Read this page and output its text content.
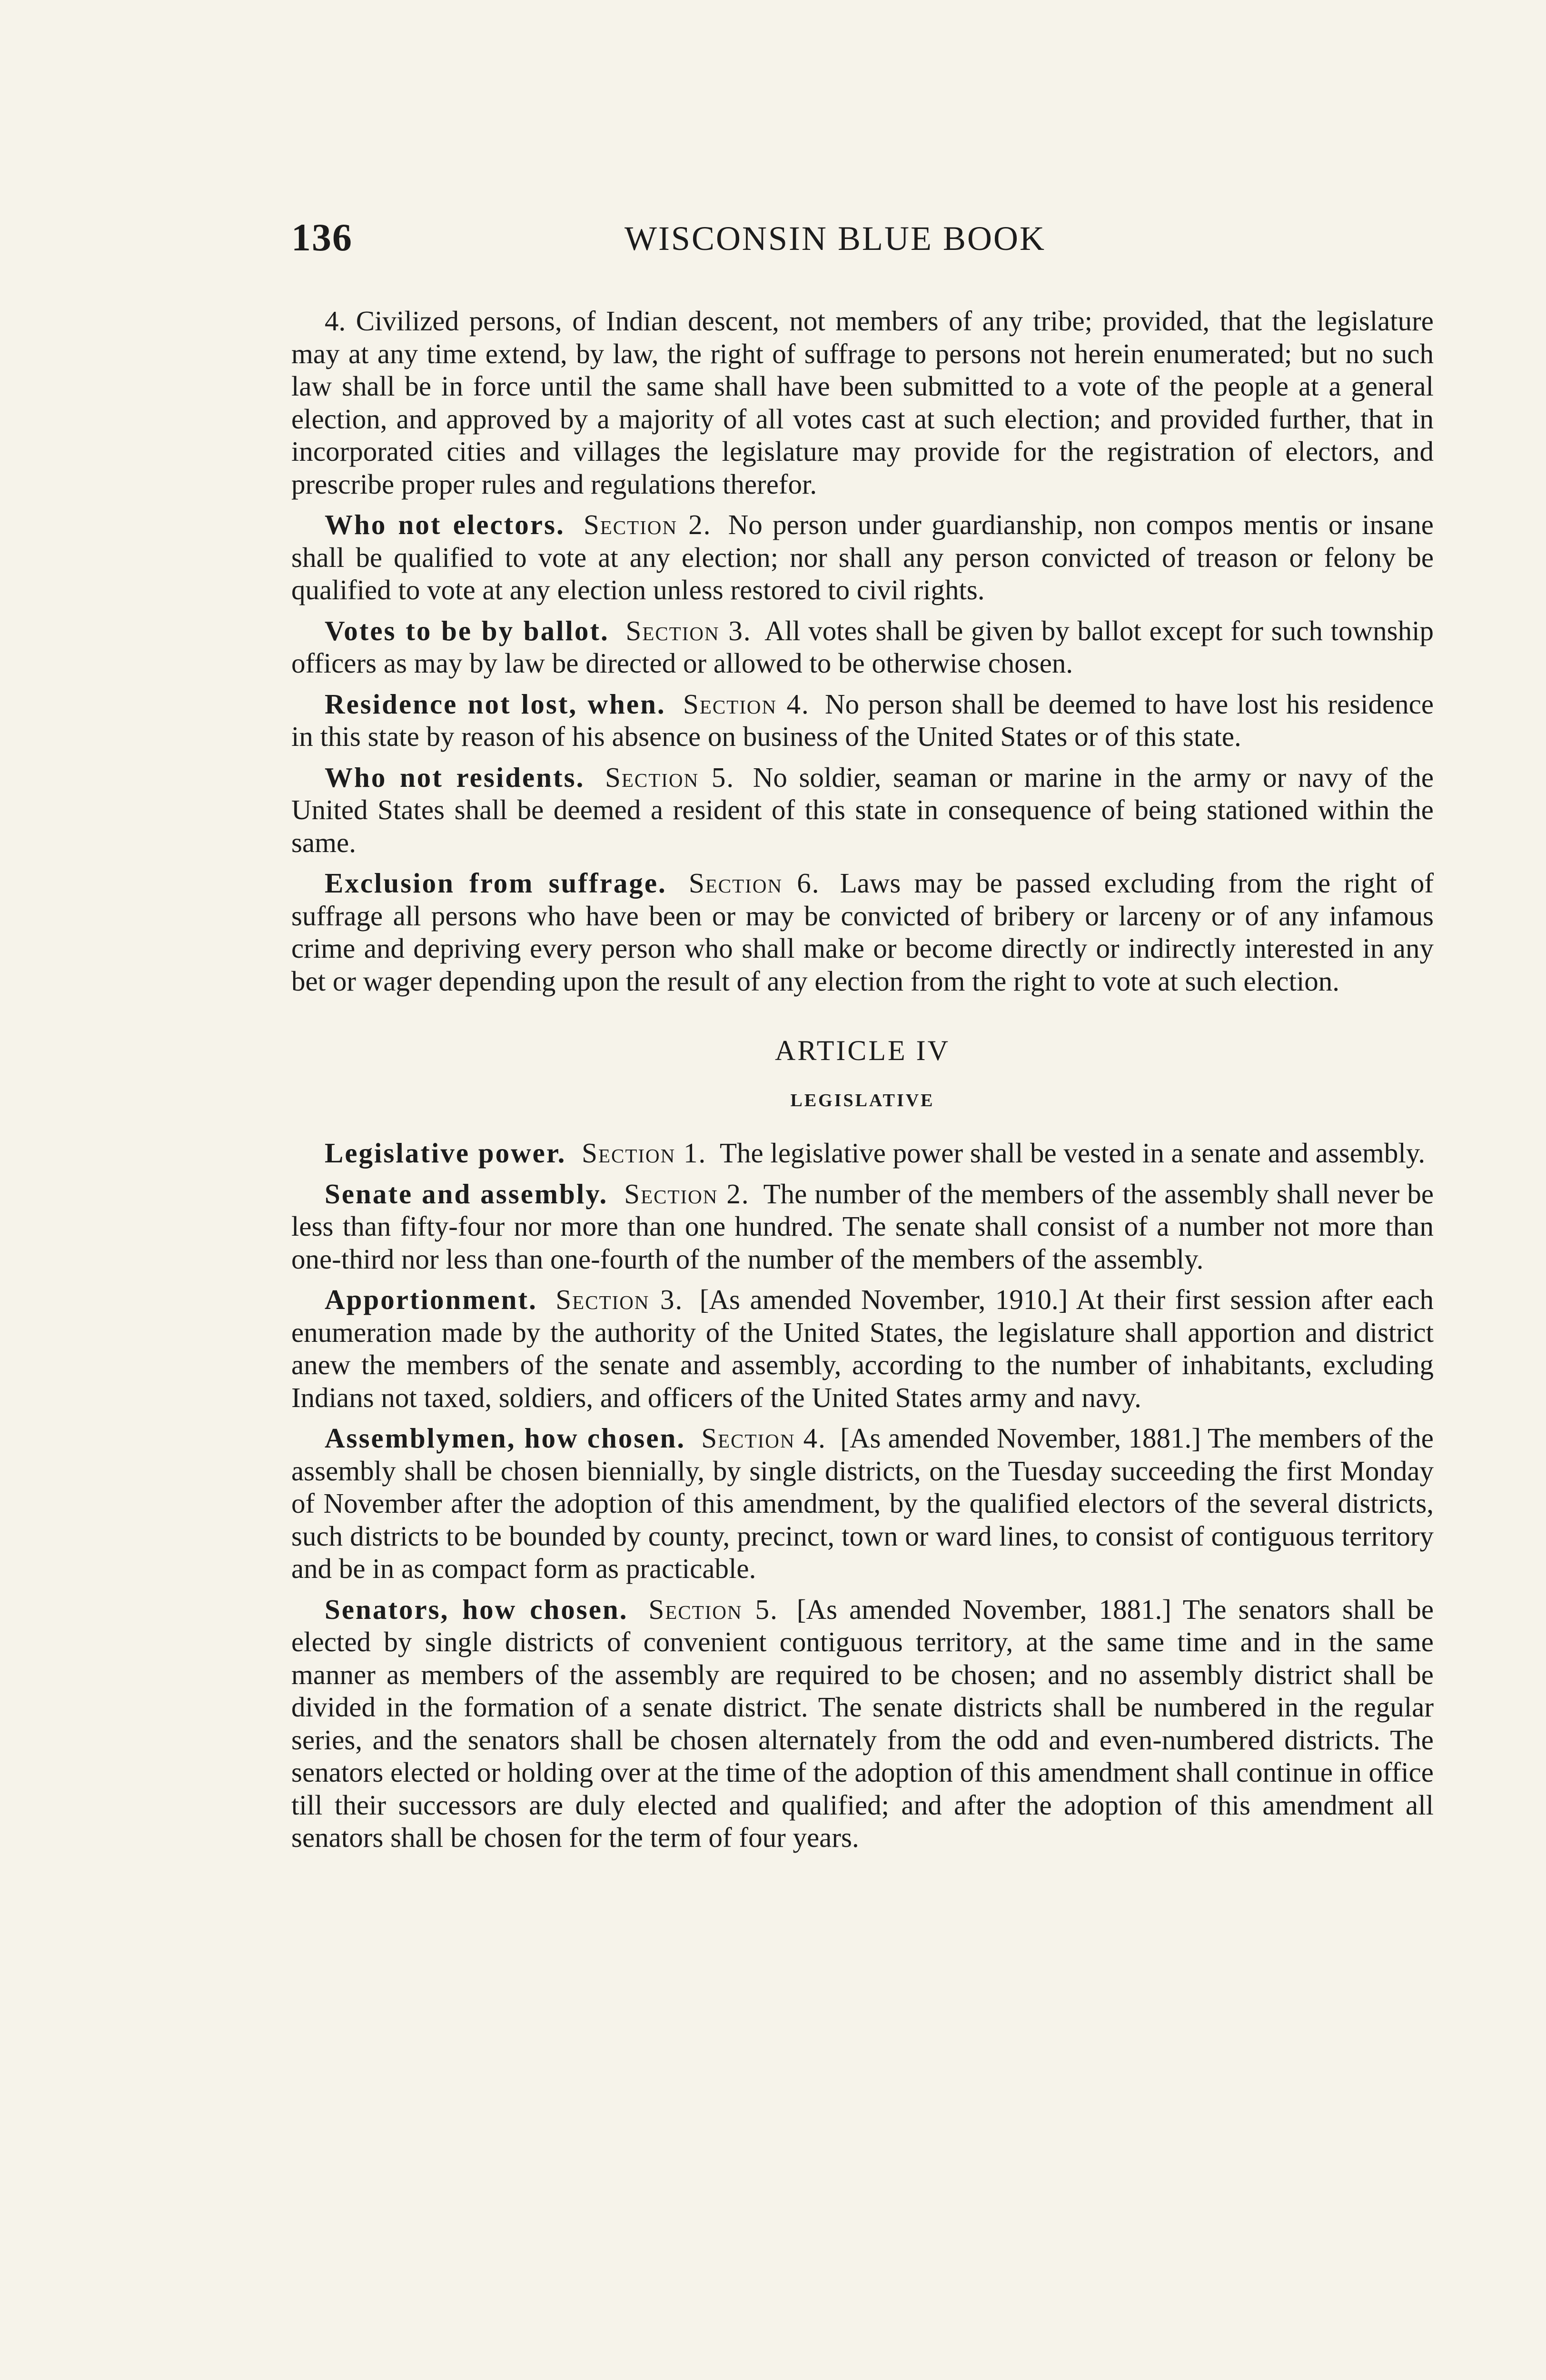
136	WISCONSIN BLUE BOOK

4. Civilized persons, of Indian descent, not members of any tribe; provided, that the legislature may at any time extend, by law, the right of suffrage to persons not herein enumerated; but no such law shall be in force until the same shall have been submitted to a vote of the people at a general election, and approved by a majority of all votes cast at such election; and provided further, that in incorporated cities and villages the legislature may provide for the registration of electors, and prescribe proper rules and regulations therefor.

Who not electors. Section 2. No person under guardianship, non compos mentis or insane shall be qualified to vote at any election; nor shall any person convicted of treason or felony be qualified to vote at any election unless restored to civil rights.

Votes to be by ballot. Section 3. All votes shall be given by ballot except for such township officers as may by law be directed or allowed to be otherwise chosen.

Residence not lost, when. Section 4. No person shall be deemed to have lost his residence in this state by reason of his absence on business of the United States or of this state.

Who not residents. Section 5. No soldier, seaman or marine in the army or navy of the United States shall be deemed a resident of this state in consequence of being stationed within the same.

Exclusion from suffrage. Section 6. Laws may be passed excluding from the right of suffrage all persons who have been or may be convicted of bribery or larceny or of any infamous crime and depriving every person who shall make or become directly or indirectly interested in any bet or wager depending upon the result of any election from the right to vote at such election.

ARTICLE IV
LEGISLATIVE

Legislative power. Section 1. The legislative power shall be vested in a senate and assembly.

Senate and assembly. Section 2. The number of the members of the assembly shall never be less than fifty-four nor more than one hundred. The senate shall consist of a number not more than one-third nor less than one-fourth of the number of the members of the assembly.

Apportionment. Section 3. [As amended November, 1910.] At their first session after each enumeration made by the authority of the United States, the legislature shall apportion and district anew the members of the senate and assembly, according to the number of inhabitants, excluding Indians not taxed, soldiers, and officers of the United States army and navy.

Assemblymen, how chosen. Section 4. [As amended November, 1881.] The members of the assembly shall be chosen biennially, by single districts, on the Tuesday succeeding the first Monday of November after the adoption of this amendment, by the qualified electors of the several districts, such districts to be bounded by county, precinct, town or ward lines, to consist of contiguous territory and be in as compact form as practicable.

Senators, how chosen. Section 5. [As amended November, 1881.] The senators shall be elected by single districts of convenient contiguous territory, at the same time and in the same manner as members of the assembly are required to be chosen; and no assembly district shall be divided in the formation of a senate district. The senate districts shall be numbered in the regular series, and the senators shall be chosen alternately from the odd and even-numbered districts. The senators elected or holding over at the time of the adoption of this amendment shall continue in office till their successors are duly elected and qualified; and after the adoption of this amendment all senators shall be chosen for the term of four years.
